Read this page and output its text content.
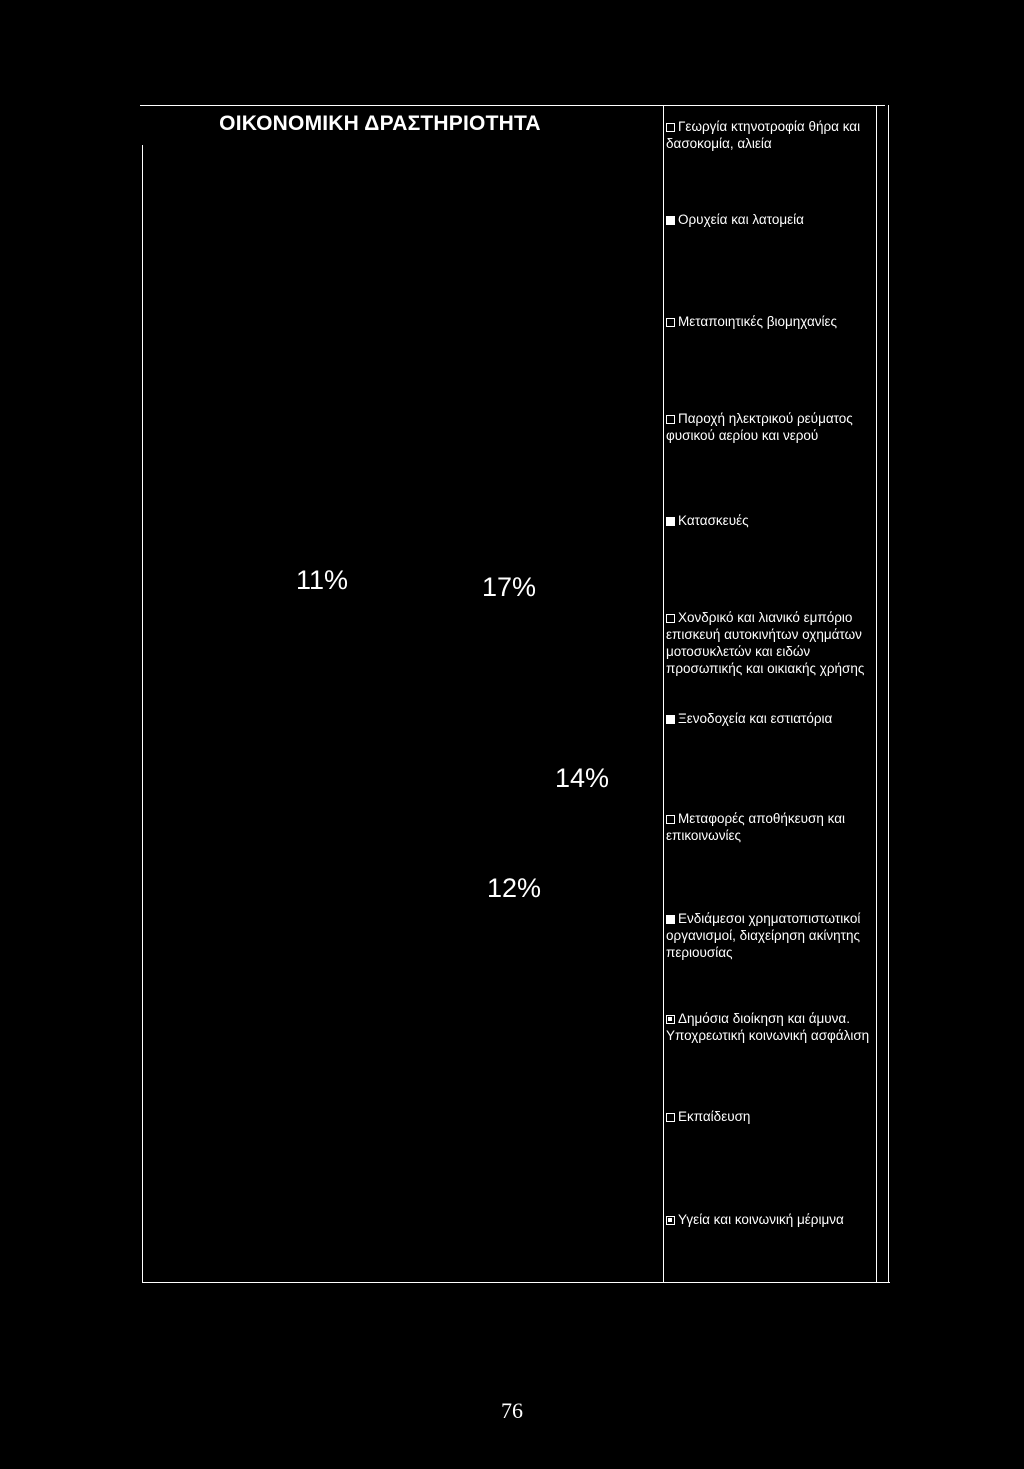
ΟΙΚΟΝΟΜΙΚΗ ΔΡΑΣΤΗΡΙΟΤΗΤΑ
11%	17%
14%
12%
Γεωργία κτηνοτροφία θήρα και δασοκομία, αλιεία
Ορυχεία και λατομεία
Μεταποιητικές βιομηχανίες
Παροχή ηλεκτρικού ρεύματος φυσικού αερίου και νερού
Κατασκευές
Χονδρικό και λιανικό εμπόριο επισκευή αυτοκινήτων οχημάτων μοτοσυκλετών και ειδών προσωπικής και οικιακής χρήσης
Ξενοδοχεία και εστιατόρια
Μεταφορές αποθήκευση και επικοινωνίες
Ενδιάμεσοι χρηματοπιστωτικοί οργανισμοί, διαχείρηση ακίνητης περιουσίας
Δημόσια διοίκηση και άμυνα. Υποχρεωτική κοινωνική ασφάλιση
Εκπαίδευση
Υγεία και κοινωνική μέριμνα
76
